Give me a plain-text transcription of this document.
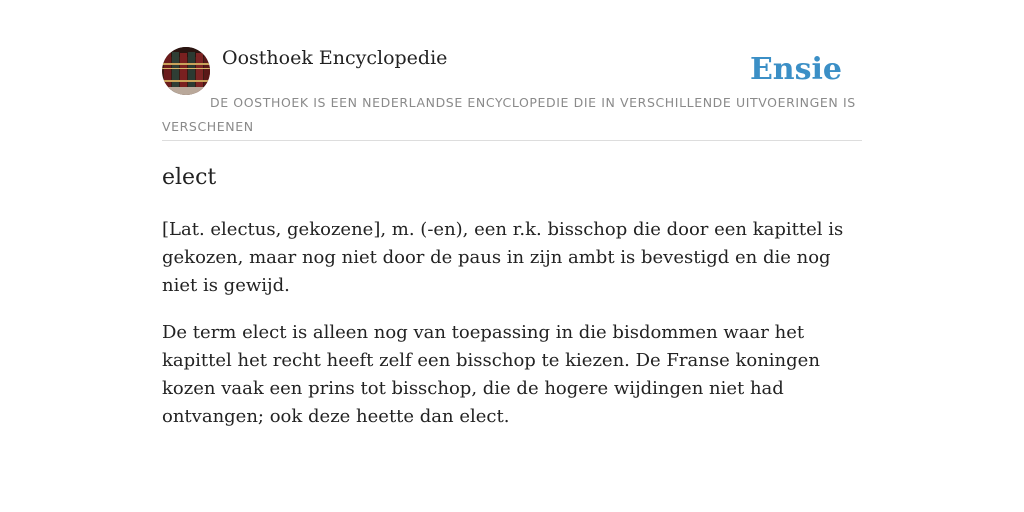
Oosthoek Encyclopedie	Ensie
DE OOSTHOEK IS EEN NEDERLANDSE ENCYCLOPEDIE DIE IN VERSCHILLENDE UITVOERINGEN IS VERSCHENEN
elect

[Lat. electus, gekozene], m. (-en), een r.k. bisschop die door een kapittel is gekozen, maar nog niet door de paus in zijn ambt is bevestigd en die nog niet is gewijd.

De term elect is alleen nog van toepassing in die bisdommen waar het kapittel het recht heeft zelf een bisschop te kiezen. De Franse koningen kozen vaak een prins tot bisschop, die de hogere wijdingen niet had ontvangen; ook deze heette dan elect.
